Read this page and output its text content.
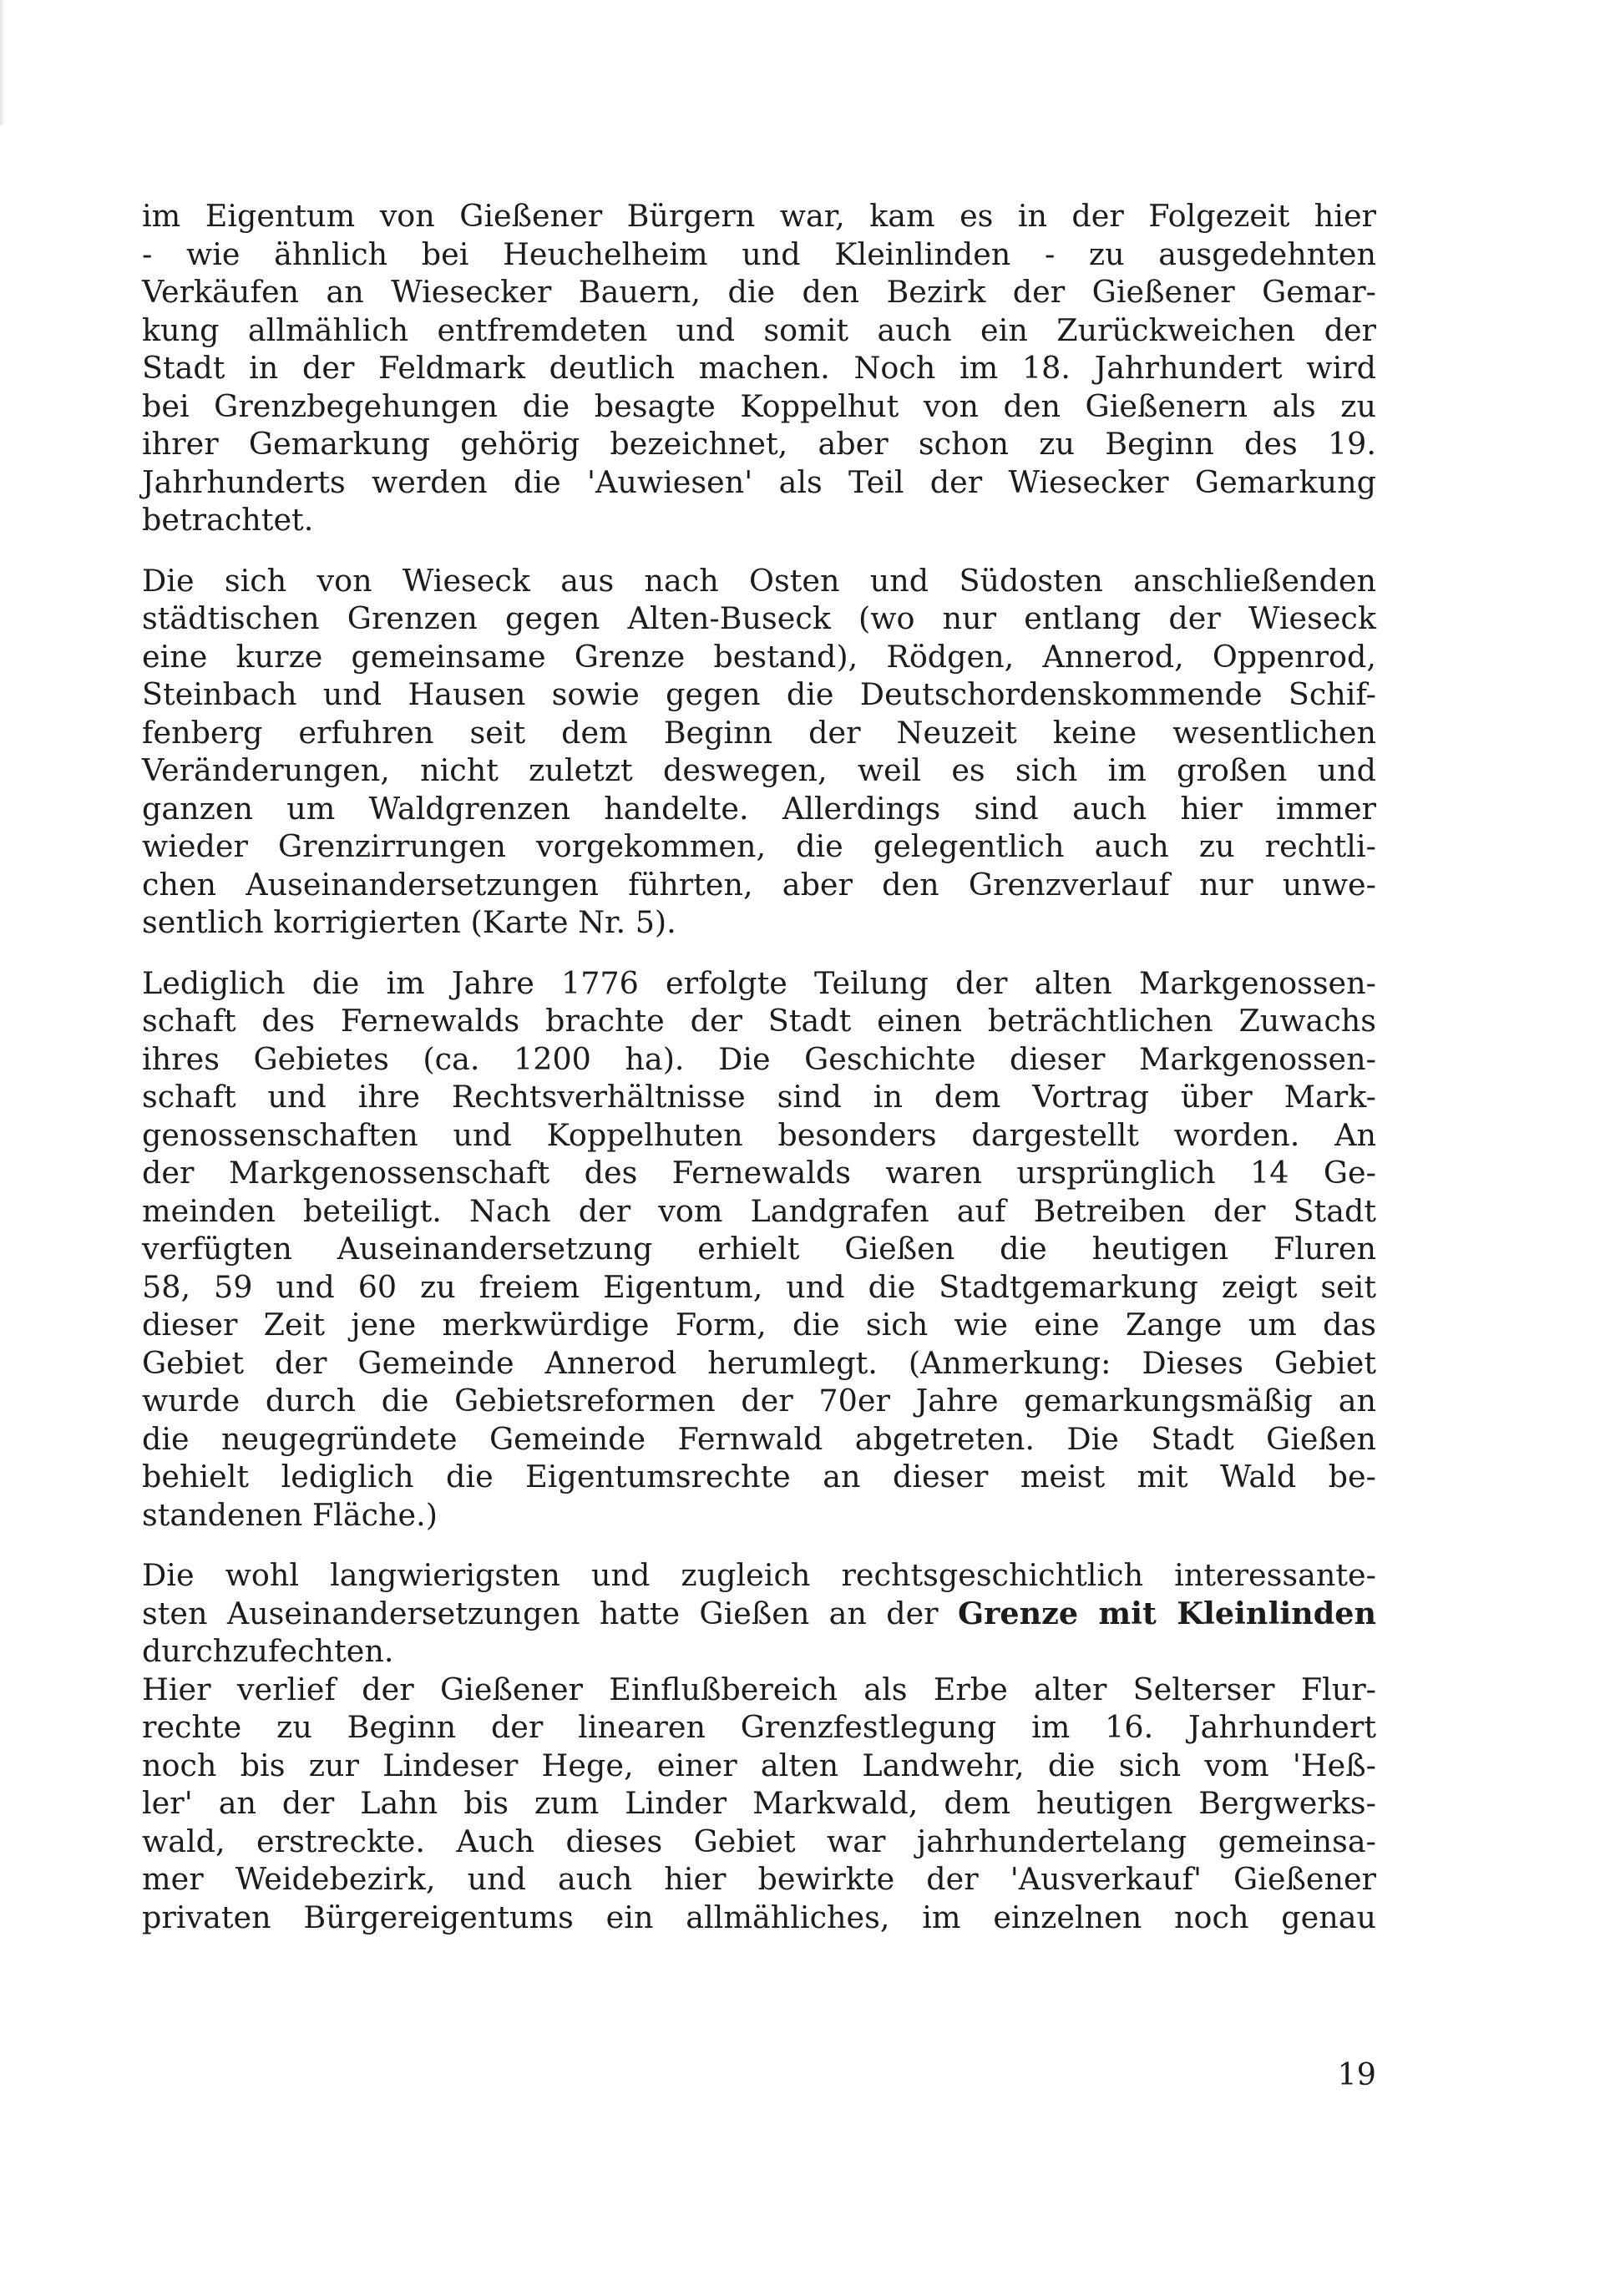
im Eigentum von Gießener Bürgern war, kam es in der Folgezeit hier
- wie ähnlich bei Heuchelheim und Kleinlinden - zu ausgedehnten
Verkäufen an Wiesecker Bauern, die den Bezirk der Gießener Gemar-
kung allmählich entfremdeten und somit auch ein Zurückweichen der
Stadt in der Feldmark deutlich machen. Noch im 18. Jahrhundert wird
bei Grenzbegehungen die besagte Koppelhut von den Gießenern als zu
ihrer Gemarkung gehörig bezeichnet, aber schon zu Beginn des 19.
Jahrhunderts werden die 'Auwiesen' als Teil der Wiesecker Gemarkung
betrachtet.

Die sich von Wieseck aus nach Osten und Südosten anschließenden
städtischen Grenzen gegen Alten-Buseck (wo nur entlang der Wieseck
eine kurze gemeinsame Grenze bestand), Rödgen, Annerod, Oppenrod,
Steinbach und Hausen sowie gegen die Deutschordenskommende Schif-
fenberg erfuhren seit dem Beginn der Neuzeit keine wesentlichen
Veränderungen, nicht zuletzt deswegen, weil es sich im großen und
ganzen um Waldgrenzen handelte. Allerdings sind auch hier immer
wieder Grenzirrungen vorgekommen, die gelegentlich auch zu rechtli-
chen Auseinandersetzungen führten, aber den Grenzverlauf nur unwe-
sentlich korrigierten (Karte Nr. 5).

Lediglich die im Jahre 1776 erfolgte Teilung der alten Markgenossen-
schaft des Fernewalds brachte der Stadt einen beträchtlichen Zuwachs
ihres Gebietes (ca. 1200 ha). Die Geschichte dieser Markgenossen-
schaft und ihre Rechtsverhältnisse sind in dem Vortrag über Mark-
genossenschaften und Koppelhuten besonders dargestellt worden. An
der Markgenossenschaft des Fernewalds waren ursprünglich 14 Ge-
meinden beteiligt. Nach der vom Landgrafen auf Betreiben der Stadt
verfügten Auseinandersetzung erhielt Gießen die heutigen Fluren
58, 59 und 60 zu freiem Eigentum, und die Stadtgemarkung zeigt seit
dieser Zeit jene merkwürdige Form, die sich wie eine Zange um das
Gebiet der Gemeinde Annerod herumlegt. (Anmerkung: Dieses Gebiet
wurde durch die Gebietsreformen der 70er Jahre gemarkungsmäßig an
die neugegründete Gemeinde Fernwald abgetreten. Die Stadt Gießen
behielt lediglich die Eigentumsrechte an dieser meist mit Wald be-
standenen Fläche.)

Die wohl langwierigsten und zugleich rechtsgeschichtlich interessante-
sten Auseinandersetzungen hatte Gießen an der Grenze mit Kleinlinden
durchzufechten.

Hier verlief der Gießener Einflußbereich als Erbe alter Selterser Flur-
rechte zu Beginn der linearen Grenzfestlegung im 16. Jahrhundert
noch bis zur Lindeser Hege, einer alten Landwehr, die sich vom 'Heß-
ler' an der Lahn bis zum Linder Markwald, dem heutigen Bergwerks-
wald, erstreckte. Auch dieses Gebiet war jahrhundertelang gemeinsa-
mer Weidebezirk, und auch hier bewirkte der 'Ausverkauf' Gießener
privaten Bürgereigentums ein allmähliches, im einzelnen noch genau

19
